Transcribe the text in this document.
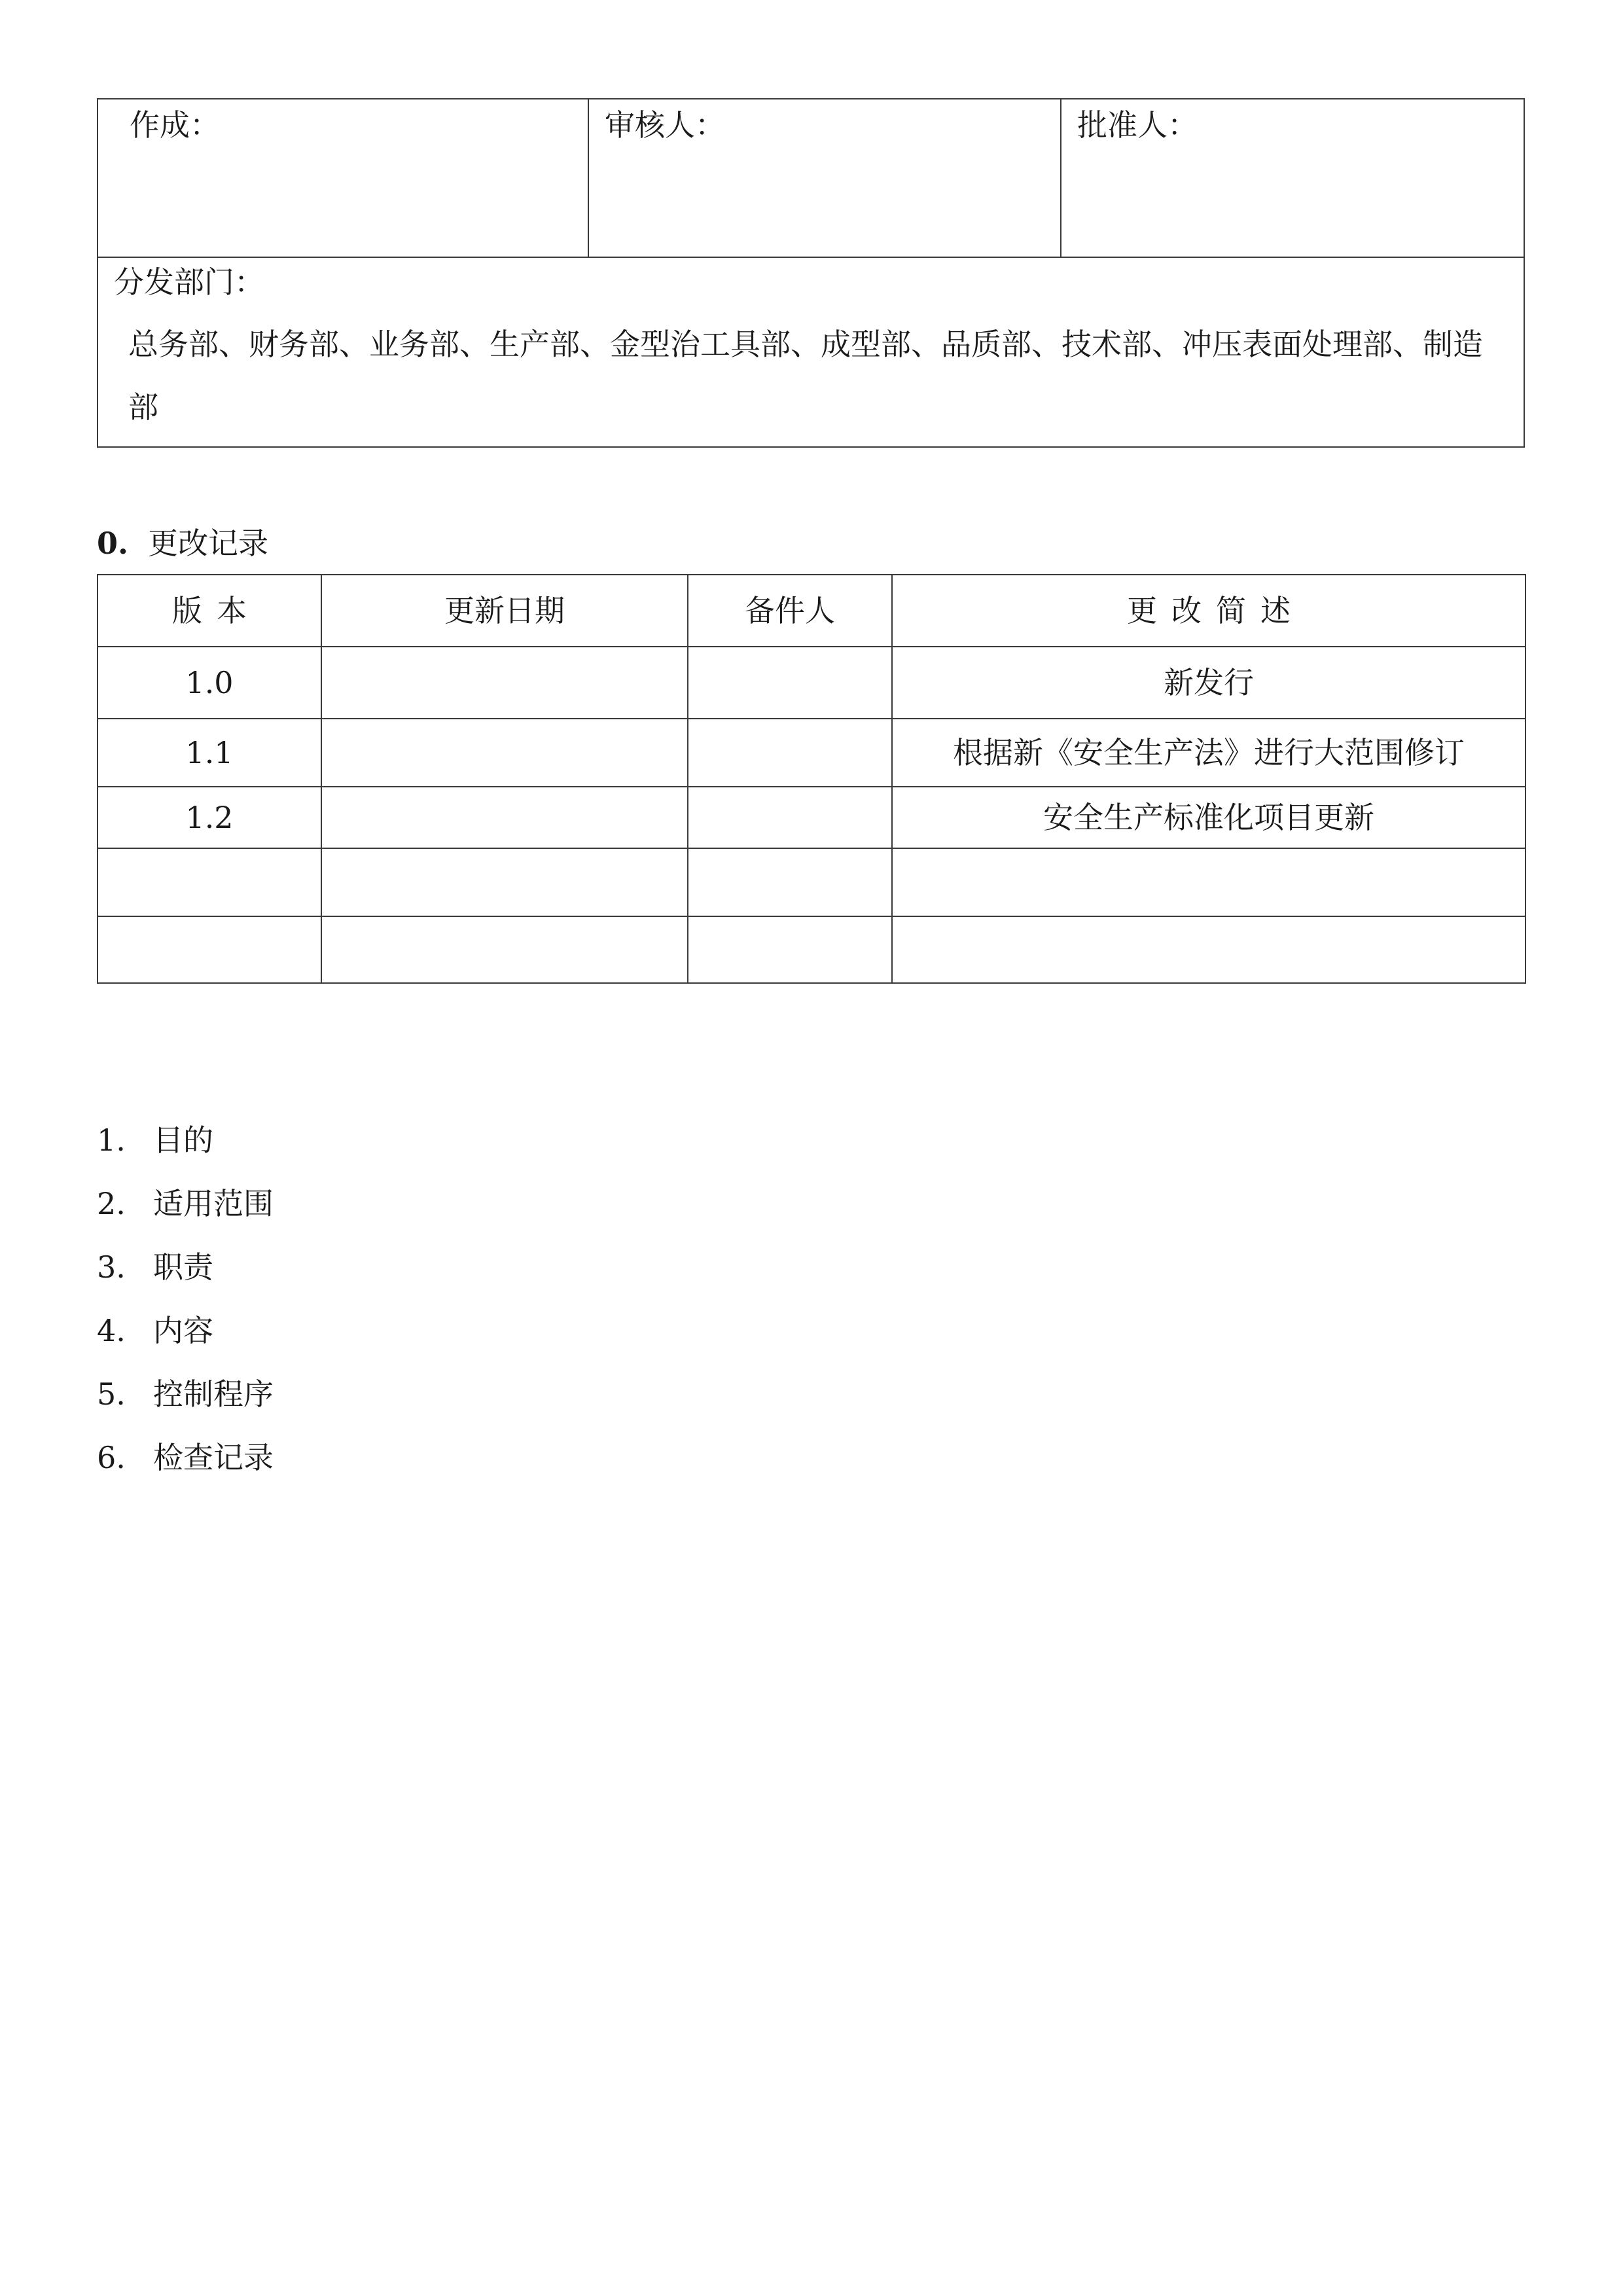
作成：	审核人：	批准人：

分发部门：
总务部、财务部、业务部、生产部、金型治工具部、成型部、品质部、技术部、冲压表面处理部、制造部
0. 更改记录
版本	更新日期	备件人	更改简述
1.0			新发行
1.1			根据新《安全生产法》进行大范围修订
1.2			安全生产标准化项目更新

1. 目的
2. 适用范围
3. 职责
4. 内容
5. 控制程序
6. 检查记录
